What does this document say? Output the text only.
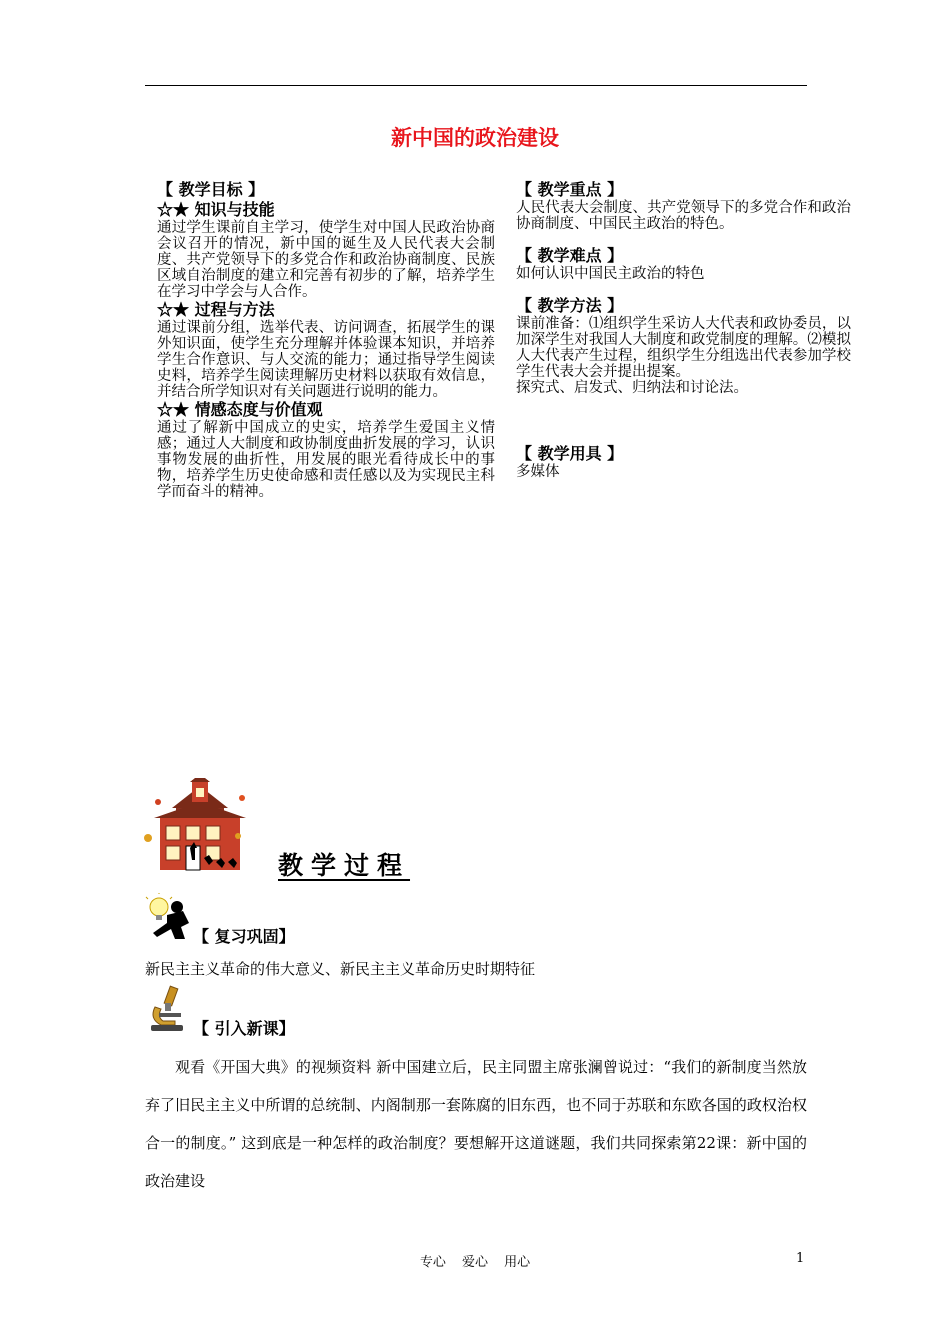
新中国的政治建设
【 教学目标 】
☆★ 知识与技能

通过学生课前自主学习，使学生对中国人民政治协商会议召开的情况，新中国的诞生及人民代表大会制度、共产党领导下的多党合作和政治协商制度、民族区域自治制度的建立和完善有初步的了解，培养学生在学习中学会与人合作。

☆★ 过程与方法

通过课前分组，选举代表、访问调查，拓展学生的课外知识面，使学生充分理解并体验课本知识，并培养学生合作意识、与人交流的能力；通过指导学生阅读史料，培养学生阅读理解历史材料以获取有效信息，并结合所学知识对有关问题进行说明的能力。

☆★ 情感态度与价值观

通过了解新中国成立的史实，培养学生爱国主义情感；通过人大制度和政协制度曲折发展的学习，认识事物发展的曲折性，用发展的眼光看待成长中的事物，培养学生历史使命感和责任感以及为实现民主科学而奋斗的精神。

【 教学重点 】

人民代表大会制度、共产党领导下的多党合作和政治协商制度、中国民主政治的特色。

【 教学难点 】

如何认识中国民主政治的特色

【 教学方法 】

课前准备：⑴组织学生采访人大代表和政协委员，以加深学生对我国人大制度和政党制度的理解。⑵模拟人大代表产生过程，组织学生分组选出代表参加学校学生代表大会并提出提案。

探究式、启发式、归纳法和讨论法。

【 教学用具 】

多媒体

教学过程
【 复习巩固】
新民主主义革命的伟大意义、新民主主义革命历史时期特征
【 引入新课】
观看《开国大典》的视频资料 新中国建立后，民主同盟主席张澜曾说过：“我们的新制度当然放弃了旧民主主义中所谓的总统制、内阁制那一套陈腐的旧东西，也不同于苏联和东欧各国的政权治权合一的制度。” 这到底是一种怎样的政治制度？要想解开这道谜题，我们共同探索第22课：新中国的政治建设
专心 爱心 用心	1
